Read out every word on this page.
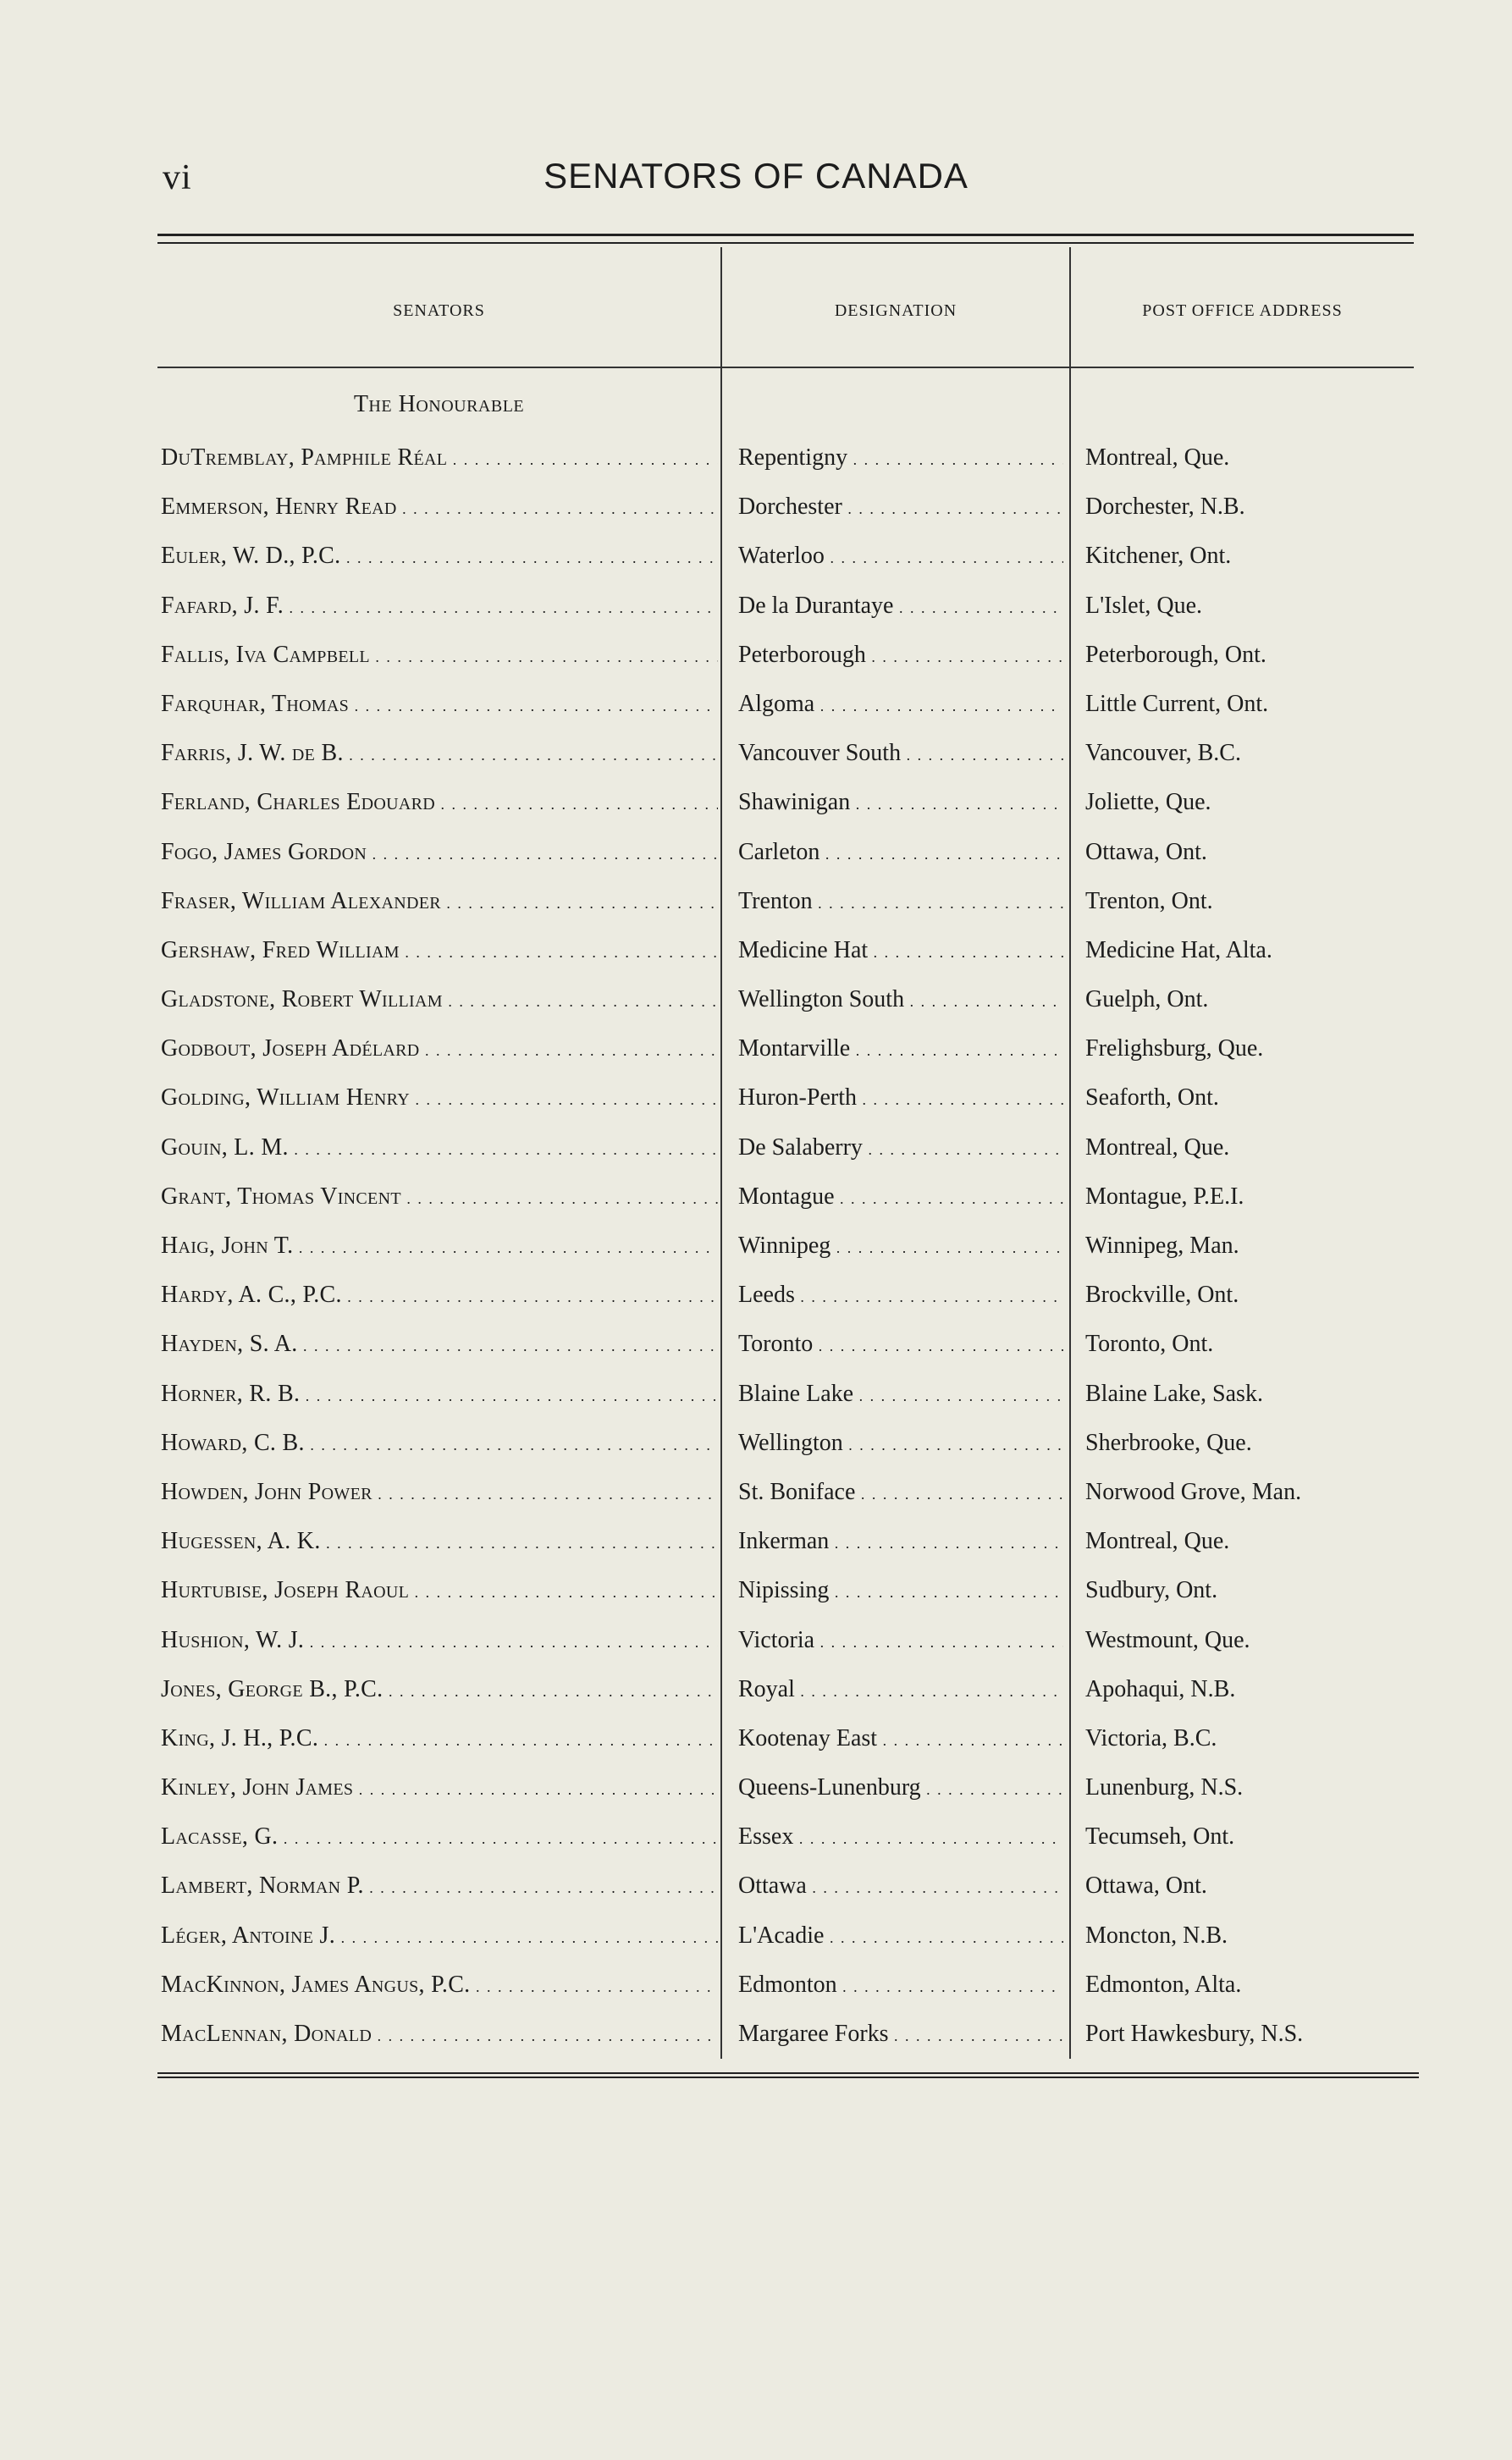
vi	SENATORS OF CANADA
SENATORS	DESIGNATION	POST OFFICE ADDRESS
The Honourable
DuTremblay, Pamphile Réal . . .	Repentigny . . .	Montreal, Que.
Emmerson, Henry Read . . .	Dorchester . . .	Dorchester, N.B.
Euler, W. D., P.C. . . .	Waterloo . . .	Kitchener, Ont.
Fafard, J. F. . . .	De la Durantaye . . .	L'Islet, Que.
Fallis, Iva Campbell . . .	Peterborough . . .	Peterborough, Ont.
Farquhar, Thomas . . .	Algoma . . .	Little Current, Ont.
Farris, J. W. de B. . . .	Vancouver South . . .	Vancouver, B.C.
Ferland, Charles Edouard . . .	Shawinigan . . .	Joliette, Que.
Fogo, James Gordon . . .	Carleton . . .	Ottawa, Ont.
Fraser, William Alexander . . .	Trenton . . .	Trenton, Ont.
Gershaw, Fred William . . .	Medicine Hat . . .	Medicine Hat, Alta.
Gladstone, Robert William . . .	Wellington South . . .	Guelph, Ont.
Godbout, Joseph Adélard . . .	Montarville . . .	Frelighsburg, Que.
Golding, William Henry . . .	Huron-Perth . . .	Seaforth, Ont.
Gouin, L. M. . . .	De Salaberry . . .	Montreal, Que.
Grant, Thomas Vincent . . .	Montague . . .	Montague, P.E.I.
Haig, John T. . . .	Winnipeg . . .	Winnipeg, Man.
Hardy, A. C., P.C. . . .	Leeds . . .	Brockville, Ont.
Hayden, S. A. . . .	Toronto . . .	Toronto, Ont.
Horner, R. B. . . .	Blaine Lake . . .	Blaine Lake, Sask.
Howard, C. B. . . .	Wellington . . .	Sherbrooke, Que.
Howden, John Power . . .	St. Boniface . . .	Norwood Grove, Man.
Hugessen, A. K. . . .	Inkerman . . .	Montreal, Que.
Hurtubise, Joseph Raoul . . .	Nipissing . . .	Sudbury, Ont.
Hushion, W. J. . . .	Victoria . . .	Westmount, Que.
Jones, George B., P.C. . . .	Royal . . .	Apohaqui, N.B.
King, J. H., P.C. . . .	Kootenay East . . .	Victoria, B.C.
Kinley, John James . . .	Queens-Lunenburg . . .	Lunenburg, N.S.
Lacasse, G. . . .	Essex . . .	Tecumseh, Ont.
Lambert, Norman P. . . .	Ottawa . . .	Ottawa, Ont.
Léger, Antoine J. . . .	L'Acadie . . .	Moncton, N.B.
MacKinnon, James Angus, P.C. . . .	Edmonton . . .	Edmonton, Alta.
MacLennan, Donald . . .	Margaree Forks . . .	Port Hawkesbury, N.S.
